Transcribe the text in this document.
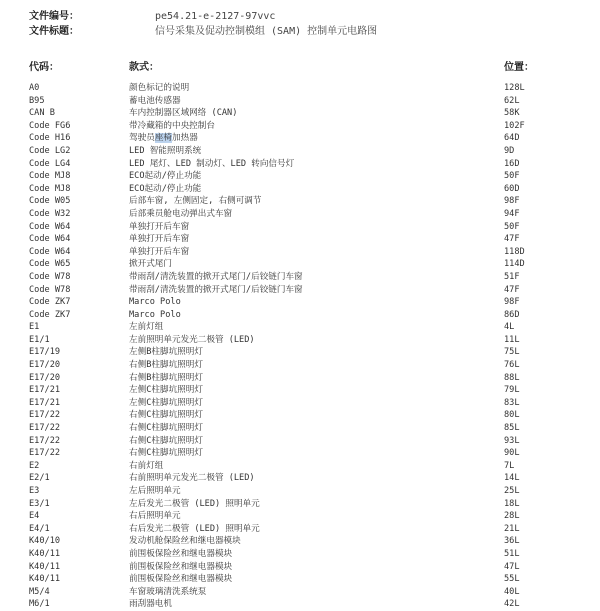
文件编号：	pe54.21-e-2127-97vvc
文件标题：	信号采集及促动控制模组 (SAM) 控制单元电路图
代码：	款式：	位置：
A0	颜色标记的说明	128L
B95	蓄电池传感器	62L
CAN B	车内控制器区域网络 (CAN)	58K
Code FG6	带冷藏箱的中央控制台	102F
Code H16	驾驶员座椅加热器	64D
Code LG2	LED 智能照明系统	9D
Code LG4	LED 尾灯、LED 制动灯、LED 转向信号灯	16D
Code MJ8	ECO起动/停止功能	50F
Code MJ8	ECO起动/停止功能	60D
Code W05	后部车窗, 左侧固定, 右侧可调节	98F
Code W32	后部乘员舱电动弹出式车窗	94F
Code W64	单独打开后车窗	50F
Code W64	单独打开后车窗	47F
Code W64	单独打开后车窗	118D
Code W65	掀开式尾门	114D
Code W78	带雨刮/清洗装置的掀开式尾门/后铰链门车窗	51F
Code W78	带雨刮/清洗装置的掀开式尾门/后铰链门车窗	47F
Code ZK7	Marco Polo	98F
Code ZK7	Marco Polo	86D
E1	左前灯组	4L
E1/1	左前照明单元发光二极管 (LED)	11L
E17/19	左侧B柱脚坑照明灯	75L
E17/20	右侧B柱脚坑照明灯	76L
E17/20	右侧B柱脚坑照明灯	88L
E17/21	左侧C柱脚坑照明灯	79L
E17/21	左侧C柱脚坑照明灯	83L
E17/22	右侧C柱脚坑照明灯	80L
E17/22	右侧C柱脚坑照明灯	85L
E17/22	右侧C柱脚坑照明灯	93L
E17/22	右侧C柱脚坑照明灯	90L
E2	右前灯组	7L
E2/1	右前照明单元发光二极管 (LED)	14L
E3	左后照明单元	25L
E3/1	左后发光二极管 (LED) 照明单元	18L
E4	右后照明单元	28L
E4/1	右后发光二极管 (LED) 照明单元	21L
K40/10	发动机舱保险丝和继电器模块	36L
K40/11	前围板保险丝和继电器模块	51L
K40/11	前围板保险丝和继电器模块	47L
K40/11	前围板保险丝和继电器模块	55L
M5/4	车窗玻璃清洗系统泵	40L
M6/1	雨刮器电机	42L
